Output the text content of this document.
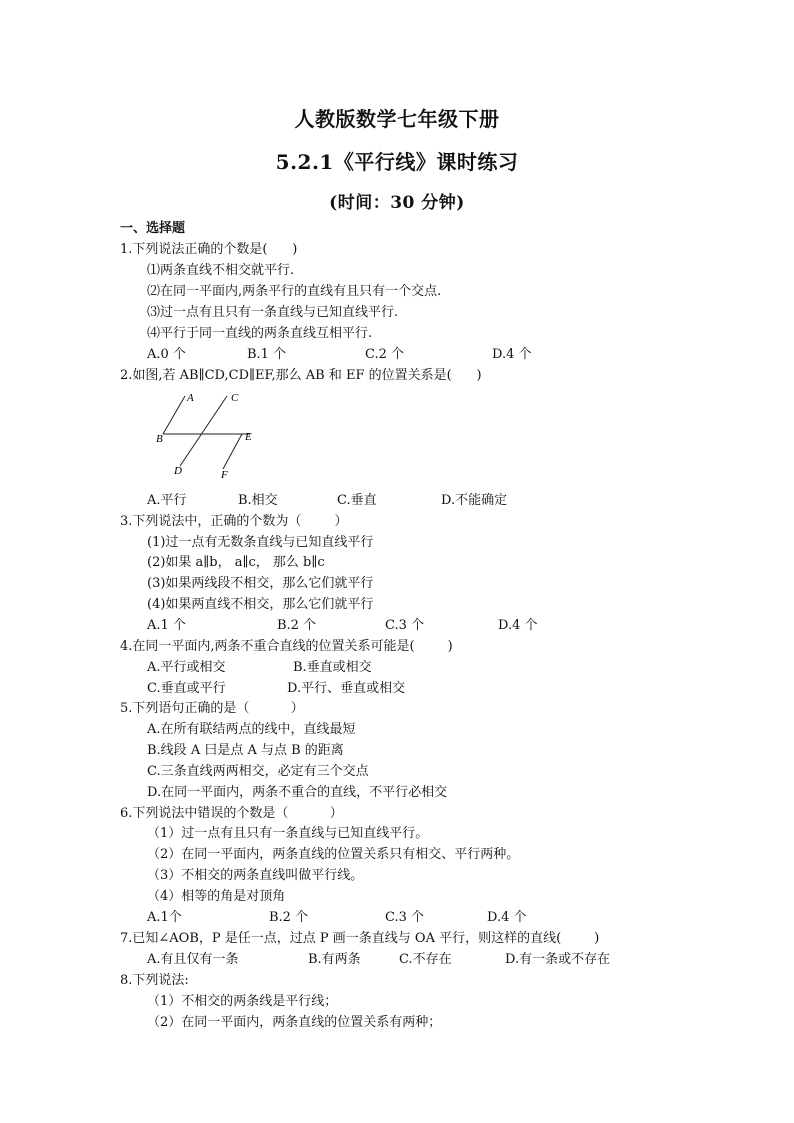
人教版数学七年级下册
5.2.1《平行线》课时练习
(时间：30 分钟)
一、选择题
1.下列说法正确的个数是(      )
⑴两条直线不相交就平行.
⑵在同一平面内,两条平行的直线有且只有一个交点.
⑶过一点有且只有一条直线与已知直线平行.
⑷平行于同一直线的两条直线互相平行.
A.0 个	B.1 个	C.2 个	D.4 个
2.如图,若 AB∥CD,CD∥EF,那么 AB 和 EF 的位置关系是(      )
A	C
B	E
D	F
A.平行	B.相交	C.垂直	D.不能确定
3.下列说法中，正确的个数为（        ）
(1)过一点有无数条直线与已知直线平行
(2)如果 a∥b， a∥c， 那么 b∥c
(3)如果两线段不相交，那么它们就平行
(4)如果两直线不相交，那么它们就平行
A.1 个	B.2 个	C.3 个	D.4 个
4.在同一平面内,两条不重合直线的位置关系可能是(        )
A.平行或相交	B.垂直或相交
C.垂直或平行	D.平行、垂直或相交
5.下列语句正确的是（          ）
A.在所有联结两点的线中，直线最短
B.线段 A 曰是点 A 与点 B 的距离
C.三条直线两两相交，必定有三个交点
D.在同一平面内，两条不重合的直线，不平行必相交
6.下列说法中错误的个数是（          ）
（1）过一点有且只有一条直线与已知直线平行。
（2）在同一平面内，两条直线的位置关系只有相交、平行两种。
（3）不相交的两条直线叫做平行线。
（4）相等的角是对顶角
A.1个	B.2 个	C.3 个	D.4 个
7.已知∠AOB，P 是任一点，过点 P 画一条直线与 OA 平行，则这样的直线(        )
A.有且仅有一条	B.有两条	C.不存在	D.有一条或不存在
8.下列说法:
（1）不相交的两条线是平行线；
（2）在同一平面内，两条直线的位置关系有两种；
